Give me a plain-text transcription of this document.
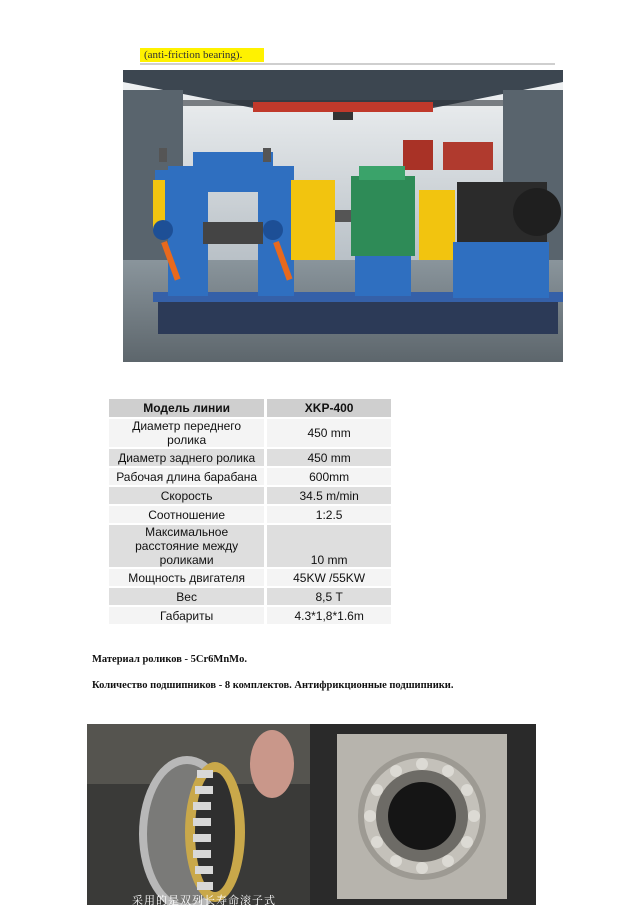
(anti-friction bearing).
Модель линии	XKP-400
Диаметр переднего ролика	450 mm
Диаметр заднего ролика	450 mm
Рабочая длина барабана	600mm
Скорость	34.5 m/min
Соотношение	1:2.5
Максимальное расстояние между роликами	10 mm
Мощность двигателя	45KW /55KW
Вес	8,5 Т
Габариты	4.3*1,8*1.6m
Материал роликов - 5Cr6MnMo.
Количество подшипников - 8 комплектов. Антифрикционные подшипники.
采用的是双列长寿命滚子式
